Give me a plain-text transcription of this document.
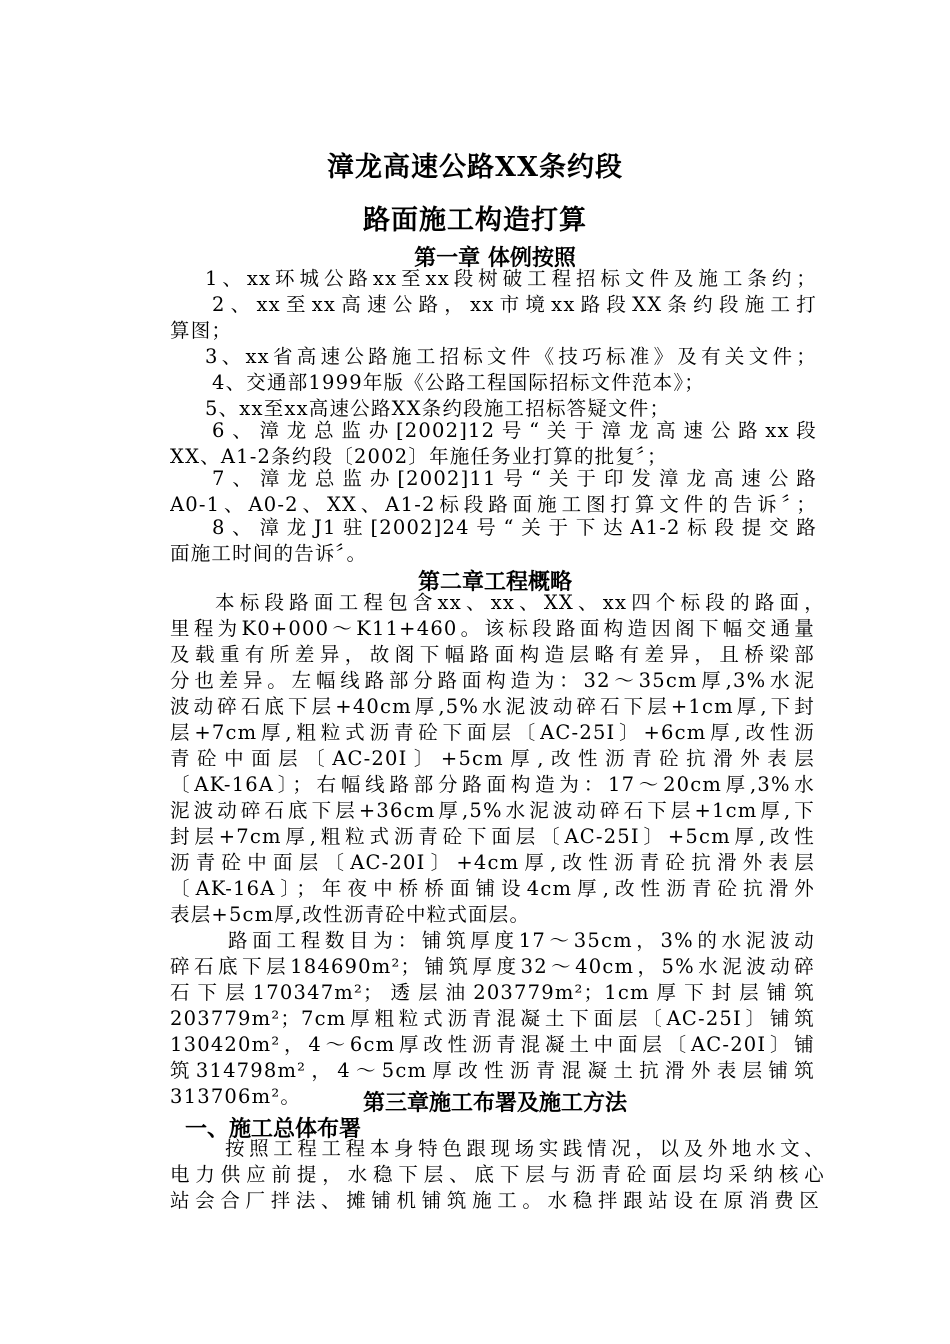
漳龙高速公路XX条约段
路面施工构造打算
第一章 体例按照
1、xx环城公路xx至xx段树破工程招标文件及施工条约；
2、xx至xx高速公路，xx市境xx路段XX条约段施工打
算图；
3、xx省高速公路施工招标文件《技巧标准》及有关文件；
4、交通部1999年版《公路工程国际招标文件范本》；
5、xx至xx高速公路XX条约段施工招标答疑文件；
6、漳龙总监办[2002]12号“关于漳龙高速公路xx段
XX、A1-2条约段〔2002〕年施任务业打算的批复〞；
7、漳龙总监办[2002]11号“关于印发漳龙高速公路
A0-1、A0-2、XX、A1-2标段路面施工图打算文件的告诉〞；
8、漳龙J1驻[2002]24号“关于下达A1-2标段提交路
面施工时间的告诉〞。
第二章工程概略
本标段路面工程包含xx、xx、XX、xx四个标段的路面，
里程为K0+000～K11+460。该标段路面构造因阁下幅交通量
及载重有所差异，故阁下幅路面构造层略有差异，且桥梁部
分也差异。左幅线路部分路面构造为：32～35cm厚,3%水泥
波动碎石底下层+40cm厚,5%水泥波动碎石下层+1cm厚,下封
层+7cm厚,粗粒式沥青砼下面层〔AC-25I〕+6cm厚,改性沥
青砼中面层〔AC-20I〕+5cm厚,改性沥青砼抗滑外表层
〔AK-16A〕；右幅线路部分路面构造为：17～20cm厚,3%水
泥波动碎石底下层+36cm厚,5%水泥波动碎石下层+1cm厚,下
封层+7cm厚,粗粒式沥青砼下面层〔AC-25I〕+5cm厚,改性
沥青砼中面层〔AC-20I〕+4cm厚,改性沥青砼抗滑外表层
〔AK-16A〕；年夜中桥桥面铺设4cm厚,改性沥青砼抗滑外
表层+5cm厚,改性沥青砼中粒式面层。
路面工程数目为：铺筑厚度17～35cm，3%的水泥波动
碎石底下层184690m²；铺筑厚度32～40cm，5%水泥波动碎
石下层170347m²；透层油203779m²；1cm厚下封层铺筑
203779m²；7cm厚粗粒式沥青混凝土下面层〔AC-25I〕铺筑
130420m²，4～6cm厚改性沥青混凝土中面层〔AC-20I〕铺
筑314798m²，4～5cm厚改性沥青混凝土抗滑外表层铺筑
313706m²。	第三章施工布署及施工方法
一、施工总体布署
按照工程工程本身特色跟现场实践情况，以及外地水文、
电力供应前提，水稳下层、底下层与沥青砼面层均采纳核心
站会合厂拌法、摊铺机铺筑施工。水稳拌跟站设在原消费区
